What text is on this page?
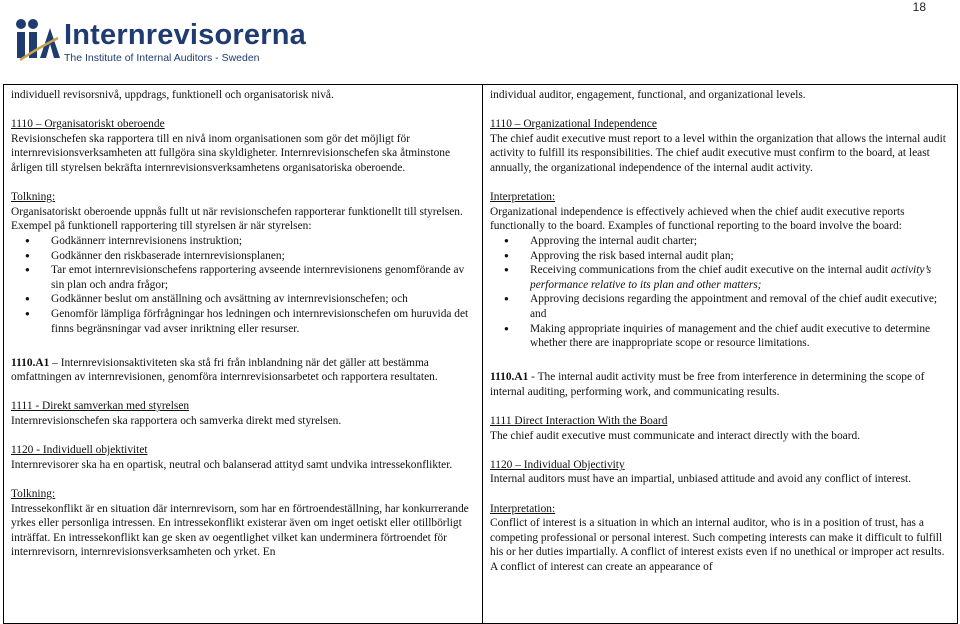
18
Internrevisorerna
The Institute of Internal Auditors - Sweden

individuell revisorsnivå, uppdrags, funktionell och organisatorisk nivå.

1110 – Organisatoriskt oberoende
Revisionschefen ska rapportera till en nivå inom organisationen som gör det möjligt för internrevisionsverksamheten att fullgöra sina skyldigheter. Internrevisionschefen ska åtminstone årligen till styrelsen bekräfta internrevisionsverksamhetens organisatoriska oberoende.
Tolkning:
Organisatoriskt oberoende uppnås fullt ut när revisionschefen rapporterar funktionellt till styrelsen. Exempel på funktionell rapportering till styrelsen är när styrelsen:
● Godkännerr internrevisionens instruktion;
● Godkänner den riskbaserade internrevisionsplanen;
● Tar emot internrevisionschefens rapportering avseende internrevisionens genomförande av sin plan och andra frågor;
● Godkänner beslut om anställning och avsättning av internrevisionschefen; och
● Genomför lämpliga förfrågningar hos ledningen och internrevisionschefen om huruvida det finns begränsningar vad avser inriktning eller resurser.
1110.A1 – Internrevisionsaktiviteten ska stå fri från inblandning när det gäller att bestämma omfattningen av internrevisionen, genomföra internrevisionsarbetet och rapportera resultaten.
1111 - Direkt samverkan med styrelsen
Internrevisionschefen ska rapportera och samverka direkt med styrelsen.
1120 - Individuell objektivitet
Internrevisorer ska ha en opartisk, neutral och balanserad attityd samt undvika intressekonflikter.
Tolkning:
Intressekonflikt är en situation där internrevisorn, som har en förtroendeställning, har konkurrerande yrkes eller personliga intressen. En intressekonflikt existerar även om inget oetiskt eller otillbörligt inträffat. En intressekonflikt kan ge sken av oegentlighet vilket kan underminera förtroendet för internrevisorn, internrevisionsverksamheten och yrket. En

individual auditor, engagement, functional, and organizational levels.

1110 – Organizational Independence
The chief audit executive must report to a level within the organization that allows the internal audit activity to fulfill its responsibilities. The chief audit executive must confirm to the board, at least annually, the organizational independence of the internal audit activity.
Interpretation:
Organizational independence is effectively achieved when the chief audit executive reports functionally to the board. Examples of functional reporting to the board involve the board:
● Approving the internal audit charter;
● Approving the risk based internal audit plan;
● Receiving communications from the chief audit executive on the internal audit activity’s performance relative to its plan and other matters;
● Approving decisions regarding the appointment and removal of the chief audit executive; and
● Making appropriate inquiries of management and the chief audit executive to determine whether there are inappropriate scope or resource limitations.
1110.A1 - The internal audit activity must be free from interference in determining the scope of internal auditing, performing work, and communicating results.
1111 Direct Interaction With the Board
The chief audit executive must communicate and interact directly with the board.
1120 – Individual Objectivity
Internal auditors must have an impartial, unbiased attitude and avoid any conflict of interest.
Interpretation:
Conflict of interest is a situation in which an internal auditor, who is in a position of trust, has a competing professional or personal interest. Such competing interests can make it difficult to fulfill his or her duties impartially. A conflict of interest exists even if no unethical or improper act results. A conflict of interest can create an appearance of
